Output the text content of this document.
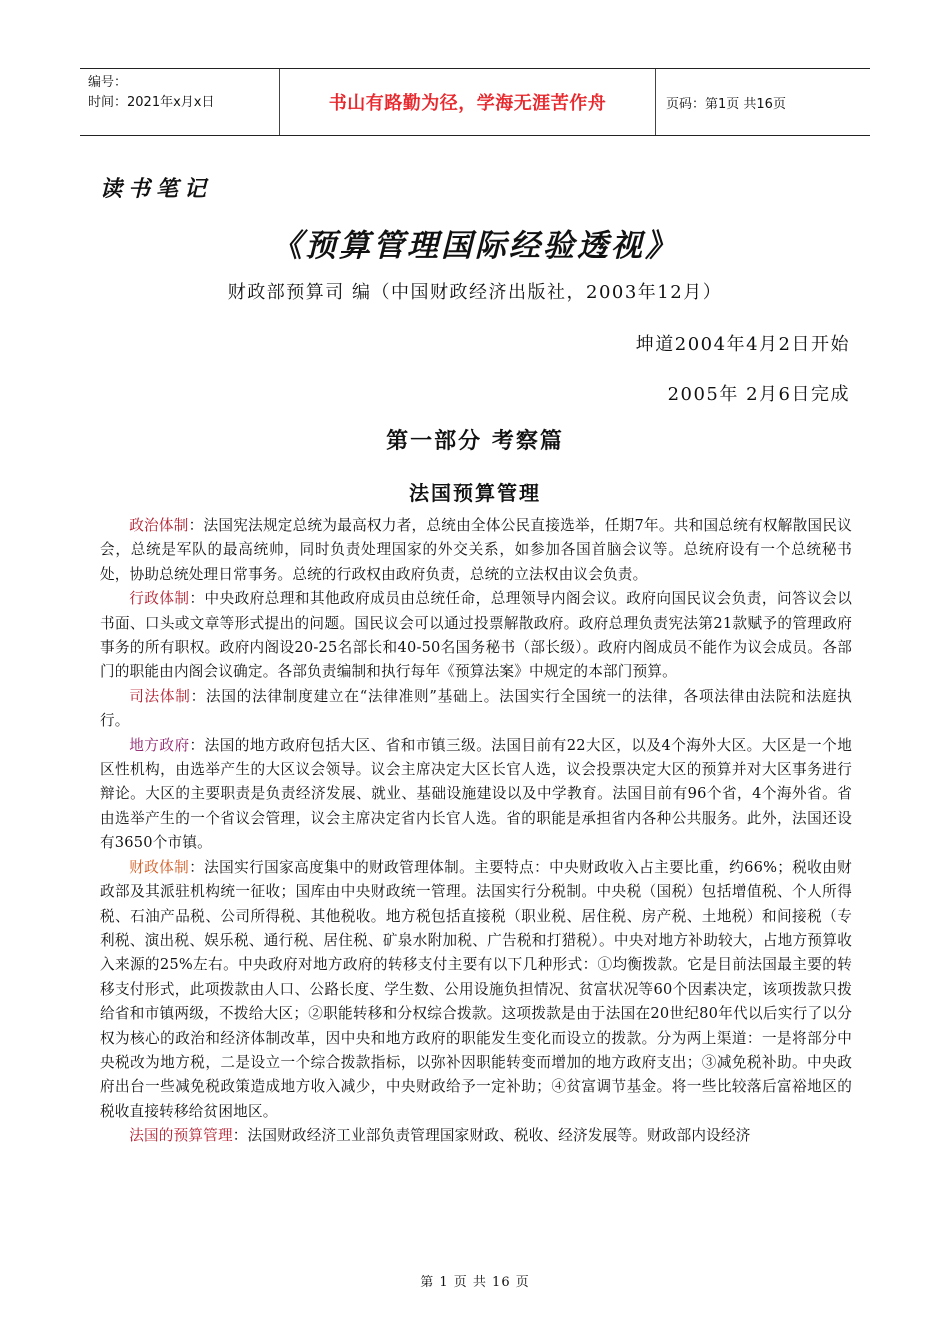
编号：
时间：2021年x月x日	书山有路勤为径，学海无涯苦作舟	页码：第1页 共16页
读书笔记
《预算管理国际经验透视》
财政部预算司 编（中国财政经济出版社，2003年12月）
坤道2004年4月2日开始
2005年 2月6日完成
第一部分 考察篇
法国预算管理

政治体制：法国宪法规定总统为最高权力者，总统由全体公民直接选举，任期7年。共和国总统有权解散国民议会，总统是军队的最高统帅，同时负责处理国家的外交关系，如参加各国首脑会议等。总统府设有一个总统秘书处，协助总统处理日常事务。总统的行政权由政府负责，总统的立法权由议会负责。

行政体制：中央政府总理和其他政府成员由总统任命，总理领导内阁会议。政府向国民议会负责，问答议会以书面、口头或文章等形式提出的问题。国民议会可以通过投票解散政府。政府总理负责宪法第21款赋予的管理政府事务的所有职权。政府内阁设20-25名部长和40-50名国务秘书（部长级）。政府内阁成员不能作为议会成员。各部门的职能由内阁会议确定。各部负责编制和执行每年《预算法案》中规定的本部门预算。

司法体制：法国的法律制度建立在“法律准则”基础上。法国实行全国统一的法律，各项法律由法院和法庭执行。

地方政府：法国的地方政府包括大区、省和市镇三级。法国目前有22大区，以及4个海外大区。大区是一个地区性机构，由选举产生的大区议会领导。议会主席决定大区长官人选，议会投票决定大区的预算并对大区事务进行辩论。大区的主要职责是负责经济发展、就业、基础设施建设以及中学教育。法国目前有96个省，4个海外省。省由选举产生的一个省议会管理，议会主席决定省内长官人选。省的职能是承担省内各种公共服务。此外，法国还设有3650个市镇。

财政体制：法国实行国家高度集中的财政管理体制。主要特点：中央财政收入占主要比重，约66%；税收由财政部及其派驻机构统一征收；国库由中央财政统一管理。法国实行分税制。中央税（国税）包括增值税、个人所得税、石油产品税、公司所得税、其他税收。地方税包括直接税（职业税、居住税、房产税、土地税）和间接税（专利税、演出税、娱乐税、通行税、居住税、矿泉水附加税、广告税和打猎税）。中央对地方补助较大，占地方预算收入来源的25%左右。中央政府对地方政府的转移支付主要有以下几种形式：①均衡拨款。它是目前法国最主要的转移支付形式，此项拨款由人口、公路长度、学生数、公用设施负担情况、贫富状况等60个因素决定，该项拨款只拨给省和市镇两级，不拨给大区；②职能转移和分权综合拨款。这项拨款是由于法国在20世纪80年代以后实行了以分权为核心的政治和经济体制改革，因中央和地方政府的职能发生变化而设立的拨款。分为两上渠道：一是将部分中央税改为地方税，二是设立一个综合拨款指标，以弥补因职能转变而增加的地方政府支出；③减免税补助。中央政府出台一些减免税政策造成地方收入减少，中央财政给予一定补助；④贫富调节基金。将一些比较落后富裕地区的税收直接转移给贫困地区。

法国的预算管理：法国财政经济工业部负责管理国家财政、税收、经济发展等。财政部内设经济

第 1 页 共 16 页
